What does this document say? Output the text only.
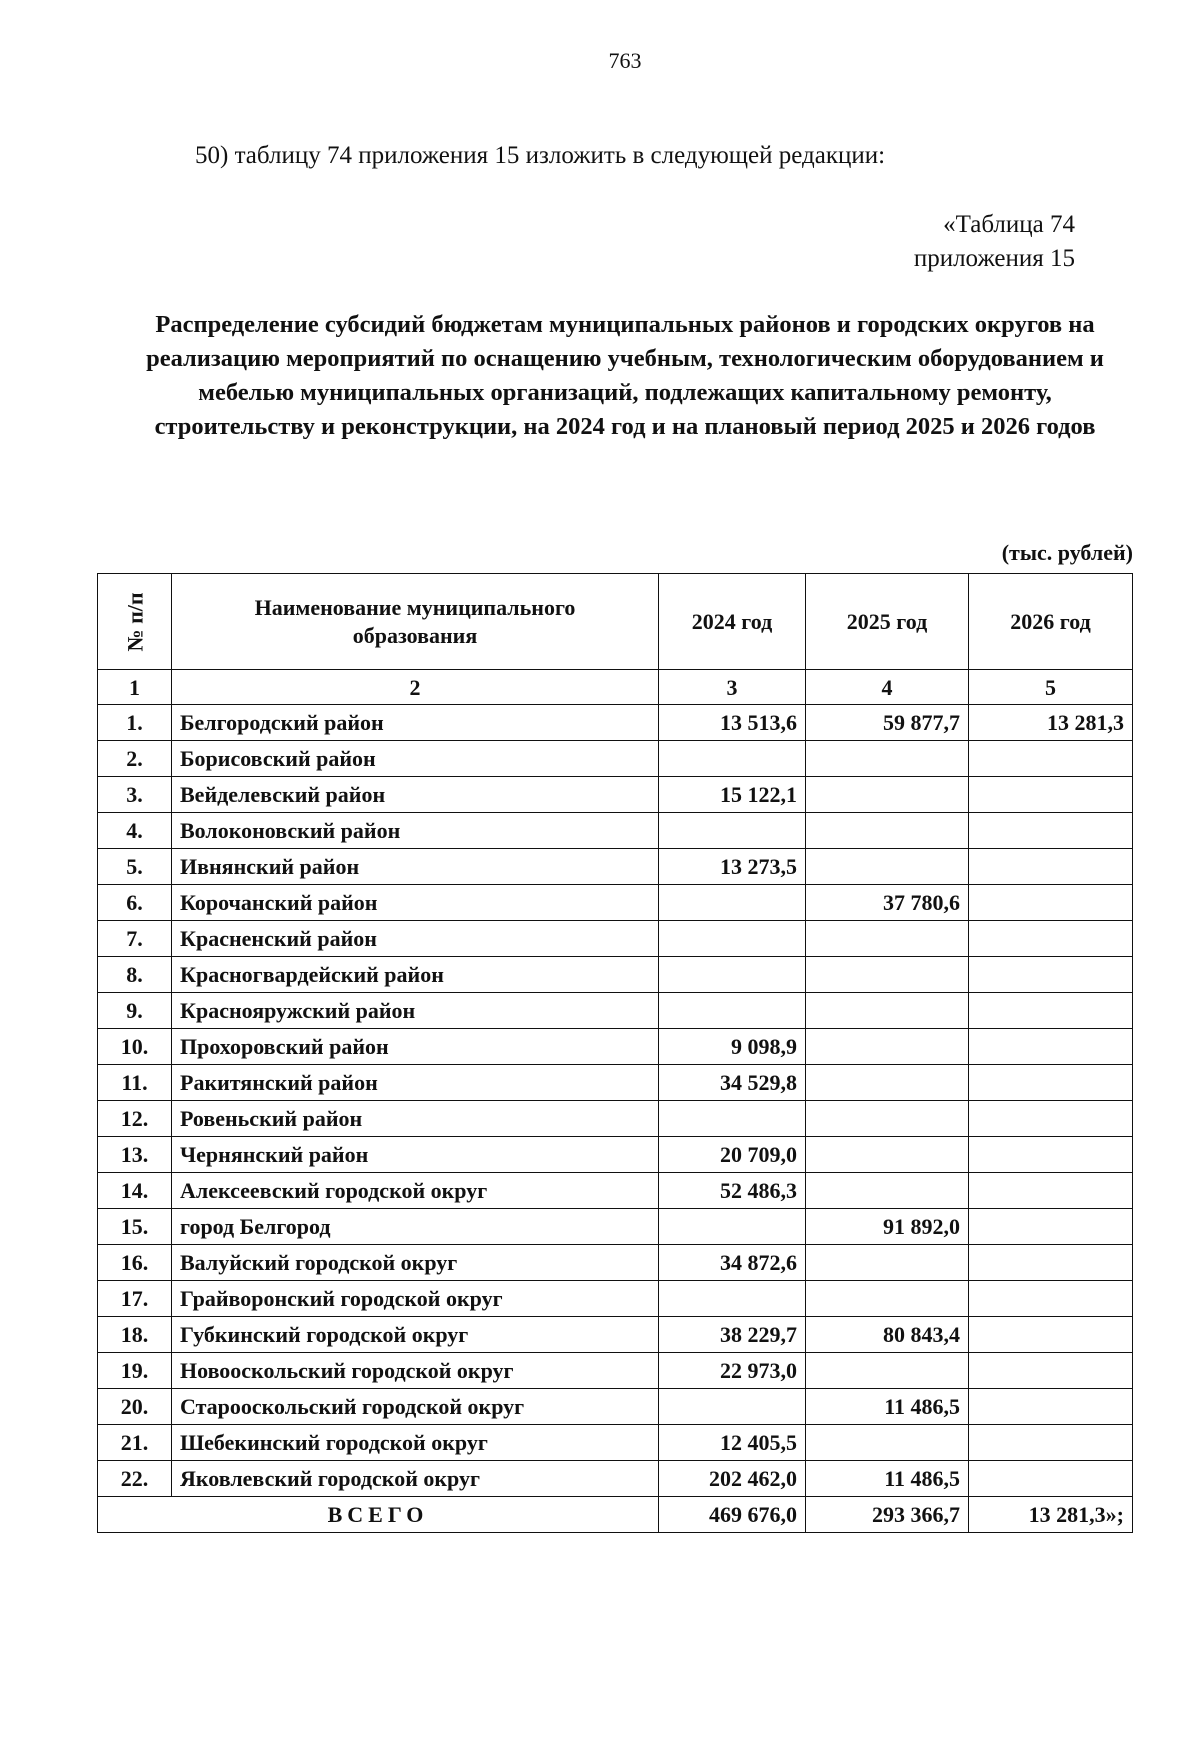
763
50) таблицу 74 приложения 15 изложить в следующей редакции:
«Таблица 74
приложения 15
Распределение субсидий бюджетам муниципальных районов и городских округов на реализацию мероприятий по оснащению учебным, технологическим оборудованием и мебелью муниципальных организаций, подлежащих капитальному ремонту, строительству и реконструкции, на 2024 год и на плановый период 2025 и 2026 годов
(тыс. рублей)
№ п/п	Наименование муниципального образования	2024 год	2025 год	2026 год
1	2	3	4	5
1.	Белгородский район	13 513,6	59 877,7	13 281,3
2.	Борисовский район			
3.	Вейделевский район	15 122,1		
4.	Волоконовский район			
5.	Ивнянский район	13 273,5		
6.	Корочанский район		37 780,6	
7.	Красненский район			
8.	Красногвардейский район			
9.	Краснояружский район			
10.	Прохоровский район	9 098,9		
11.	Ракитянский район	34 529,8		
12.	Ровеньский район			
13.	Чернянский район	20 709,0		
14.	Алексеевский городской округ	52 486,3		
15.	город Белгород		91 892,0	
16.	Валуйский городской округ	34 872,6		
17.	Грайворонский городской округ			
18.	Губкинский городской округ	38 229,7	80 843,4	
19.	Новооскольский городской округ	22 973,0		
20.	Старооскольский городской округ		11 486,5	
21.	Шебекинский городской округ	12 405,5		
22.	Яковлевский городской округ	202 462,0	11 486,5	
ВСЕГО		469 676,0	293 366,7	13 281,3»;
